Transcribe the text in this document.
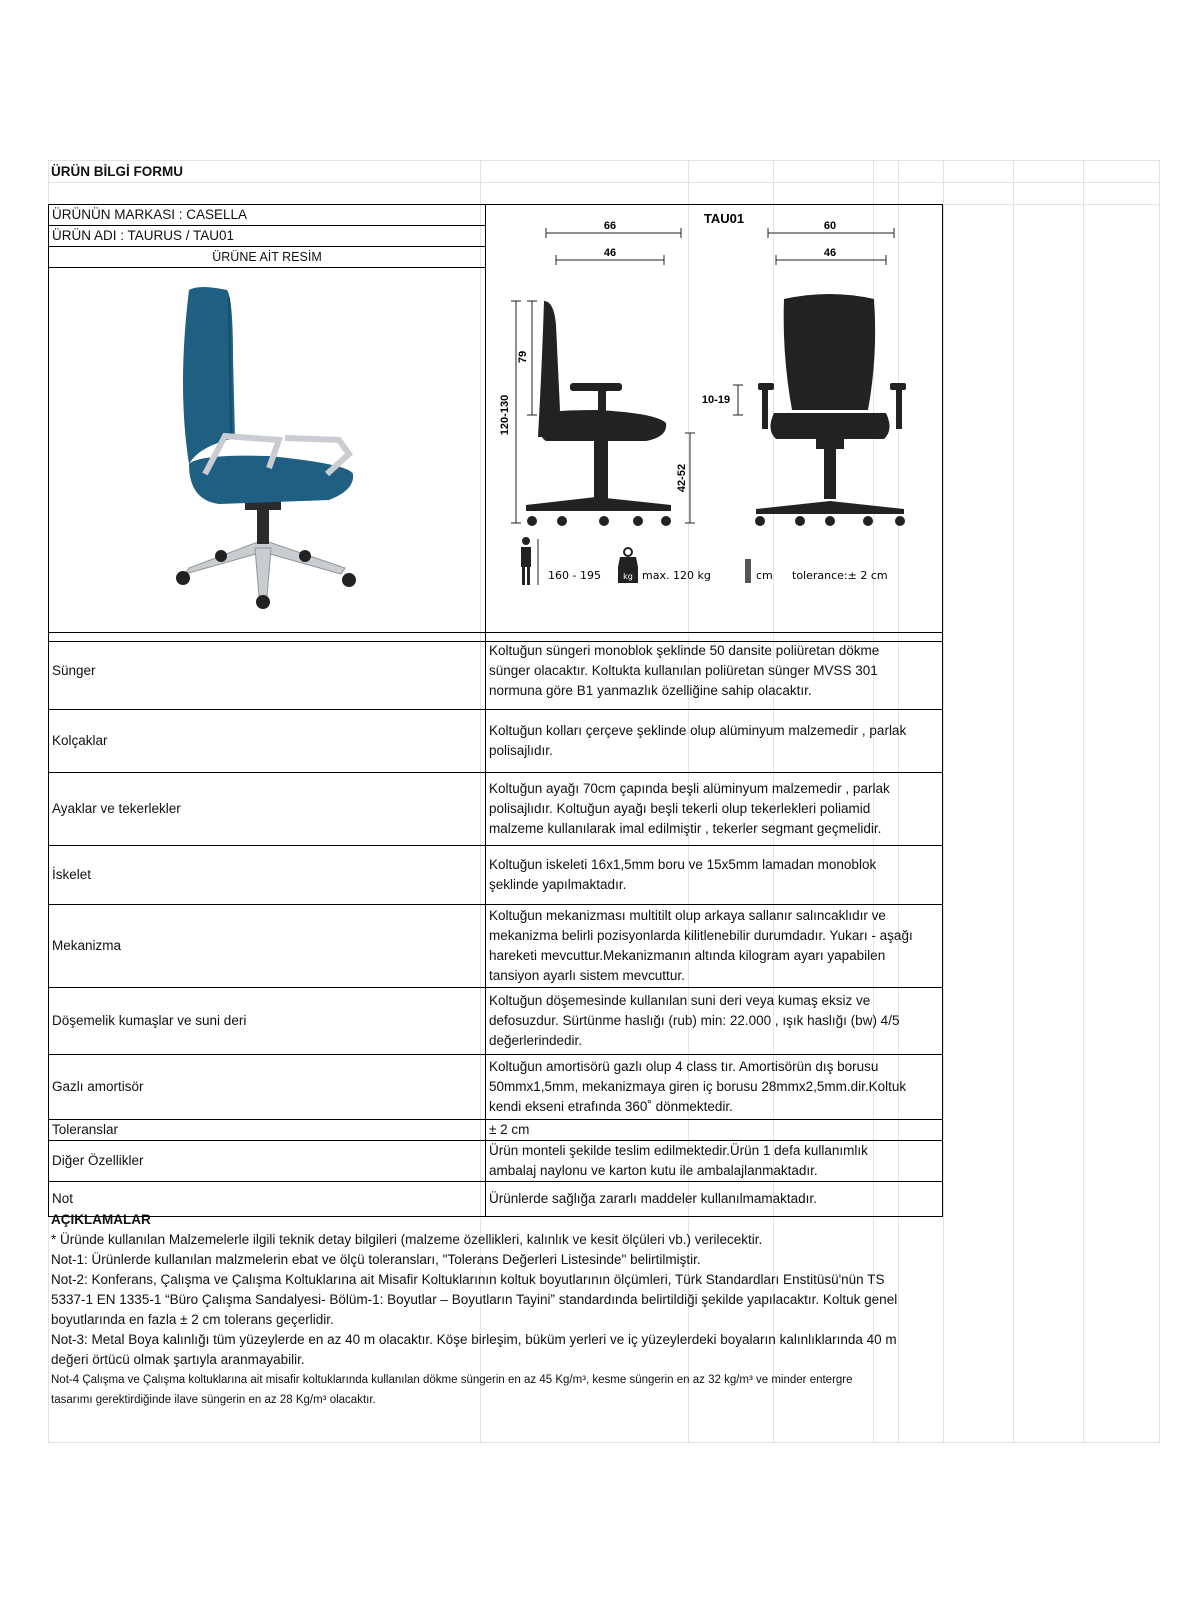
ÜRÜN BİLGİ FORMU
ÜRÜNÜN MARKASI : CASELLA	TAU01
66
46
60
46
120-130
79
42-52
10-19
160 - 195	kg max. 120 kg	cm tolerance:± 2 cm

ÜRÜN ADI : TAURUS / TAU01
ÜRÜNE AİT RESİM

Sünger	Koltuğun süngeri monoblok şeklinde 50 dansite poliüretan dökme
sünger olacaktır. Koltukta kullanılan poliüretan sünger MVSS 301
normuna göre B1 yanmazlık özelliğine sahip olacaktır.

Kolçaklar	Koltuğun kolları çerçeve şeklinde olup alüminyum malzemedir , parlak
polisajlıdır.

Ayaklar ve tekerlekler	Koltuğun ayağı 70cm çapında beşli alüminyum malzemedir , parlak
polisajlıdır. Koltuğun ayağı beşli tekerli olup tekerlekleri poliamid
malzeme kullanılarak imal edilmiştir , tekerler segmant geçmelidir.

İskelet	Koltuğun iskeleti 16x1,5mm boru ve 15x5mm lamadan monoblok
şeklinde yapılmaktadır.

Mekanizma	Koltuğun mekanizması multitilt olup arkaya sallanır salıncaklıdır ve
mekanizma belirli pozisyonlarda kilitlenebilir durumdadır. Yukarı - aşağı
hareketi mevcuttur.Mekanizmanın altında kilogram ayarı yapabilen
tansiyon ayarlı sistem mevcuttur.

Döşemelik kumaşlar ve suni deri	Koltuğun döşemesinde kullanılan suni deri veya kumaş eksiz ve
defosuzdur. Sürtünme haslığı (rub) min: 22.000 , ışık haslığı (bw) 4/5
değerlerindedir.

Gazlı amortisör	Koltuğun amortisörü gazlı olup 4 class tır. Amortisörün dış borusu
50mmx1,5mm, mekanizmaya giren iç borusu 28mmx2,5mm.dir.Koltuk
kendi ekseni etrafında 360˚ dönmektedir.

Toleranslar	± 2 cm

Diğer Özellikler	Ürün monteli şekilde teslim edilmektedir.Ürün 1 defa kullanımlık
ambalaj naylonu ve karton kutu ile ambalajlanmaktadır.

Not	Ürünlerde sağlığa zararlı maddeler kullanılmamaktadır.
AÇIKLAMALAR
* Üründe kullanılan Malzemelerle ilgili teknik detay bilgileri (malzeme özellikleri, kalınlık ve kesit ölçüleri vb.) verilecektir.
Not-1: Ürünlerde kullanılan malzmelerin ebat ve ölçü toleransları, "Tolerans Değerleri Listesinde" belirtilmiştir.
Not-2: Konferans, Çalışma ve Çalışma Koltuklarına ait Misafir Koltuklarının koltuk boyutlarının ölçümleri, Türk Standardları Enstitüsü'nün TS
5337-1 EN 1335-1 “Büro Çalışma Sandalyesi- Bölüm-1: Boyutlar – Boyutların Tayini” standardında belirtildiği şekilde yapılacaktır. Koltuk genel
boyutlarında en fazla ± 2 cm tolerans geçerlidir.
Not-3: Metal Boya kalınlığı tüm yüzeylerde en az 40 m olacaktır. Köşe birleşim, büküm yerleri ve iç yüzeylerdeki boyaların kalınlıklarında 40 m
değeri örtücü olmak şartıyla aranmayabilir.
Not-4 Çalışma ve Çalışma koltuklarına ait misafir koltuklarında kullanılan dökme süngerin en az 45 Kg/m³, kesme süngerin en az 32 kg/m³ ve minder entergre
tasarımı gerektirdiğinde ilave süngerin en az 28 Kg/m³ olacaktır.
